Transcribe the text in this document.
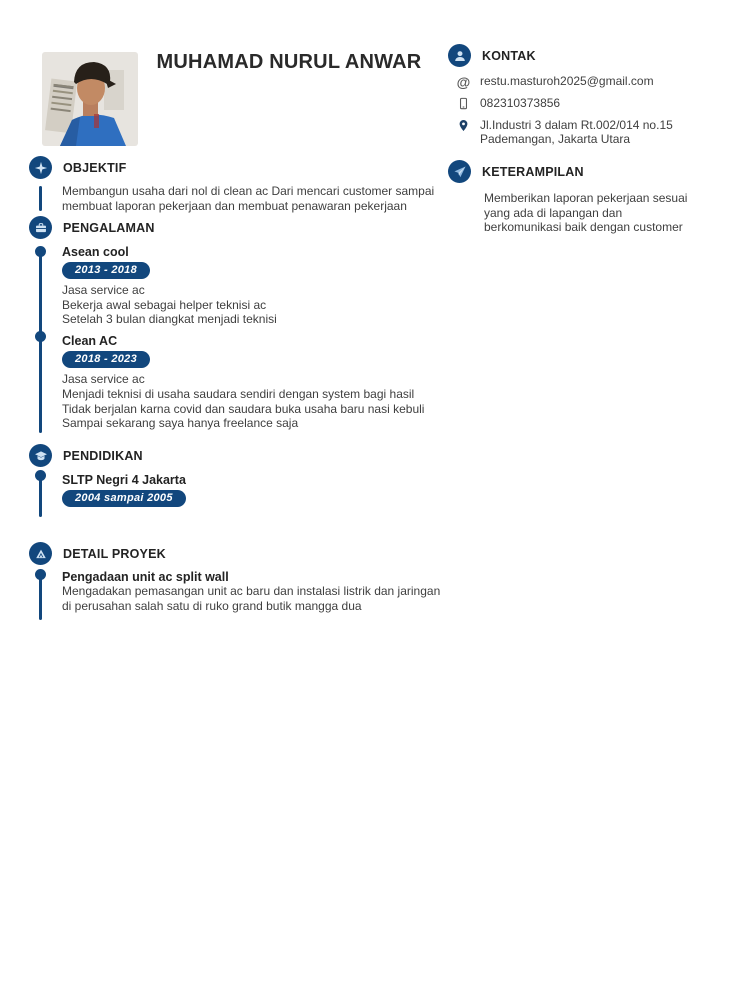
MUHAMAD NURUL ANWAR	KONTAK
@ restu.masturoh2025@gmail.com
082310373856
Jl.Industri 3 dalam Rt.002/014 no.15
Pademangan, Jakarta Utara
KETERAMPILAN
Memberikan laporan pekerjaan sesuai yang ada di lapangan dan berkomunikasi baik dengan customer
OBJEKTIF
Membangun usaha dari nol di clean ac Dari mencari customer sampai membuat laporan pekerjaan dan membuat penawaran pekerjaan
PENGALAMAN
Asean cool
2013 - 2018
Jasa service ac
Bekerja awal sebagai helper teknisi ac
Setelah 3 bulan diangkat menjadi teknisi
Clean AC
2018 - 2023
Jasa service ac
Menjadi teknisi di usaha saudara sendiri dengan system bagi hasil
Tidak berjalan karna covid dan saudara buka usaha baru nasi kebuli
Sampai sekarang saya hanya freelance saja
PENDIDIKAN
SLTP Negri 4 Jakarta
2004 sampai 2005
DETAIL PROYEK
Pengadaan unit ac split wall
Mengadakan pemasangan unit ac baru dan instalasi listrik dan jaringan
di perusahan salah satu di ruko grand butik mangga dua
